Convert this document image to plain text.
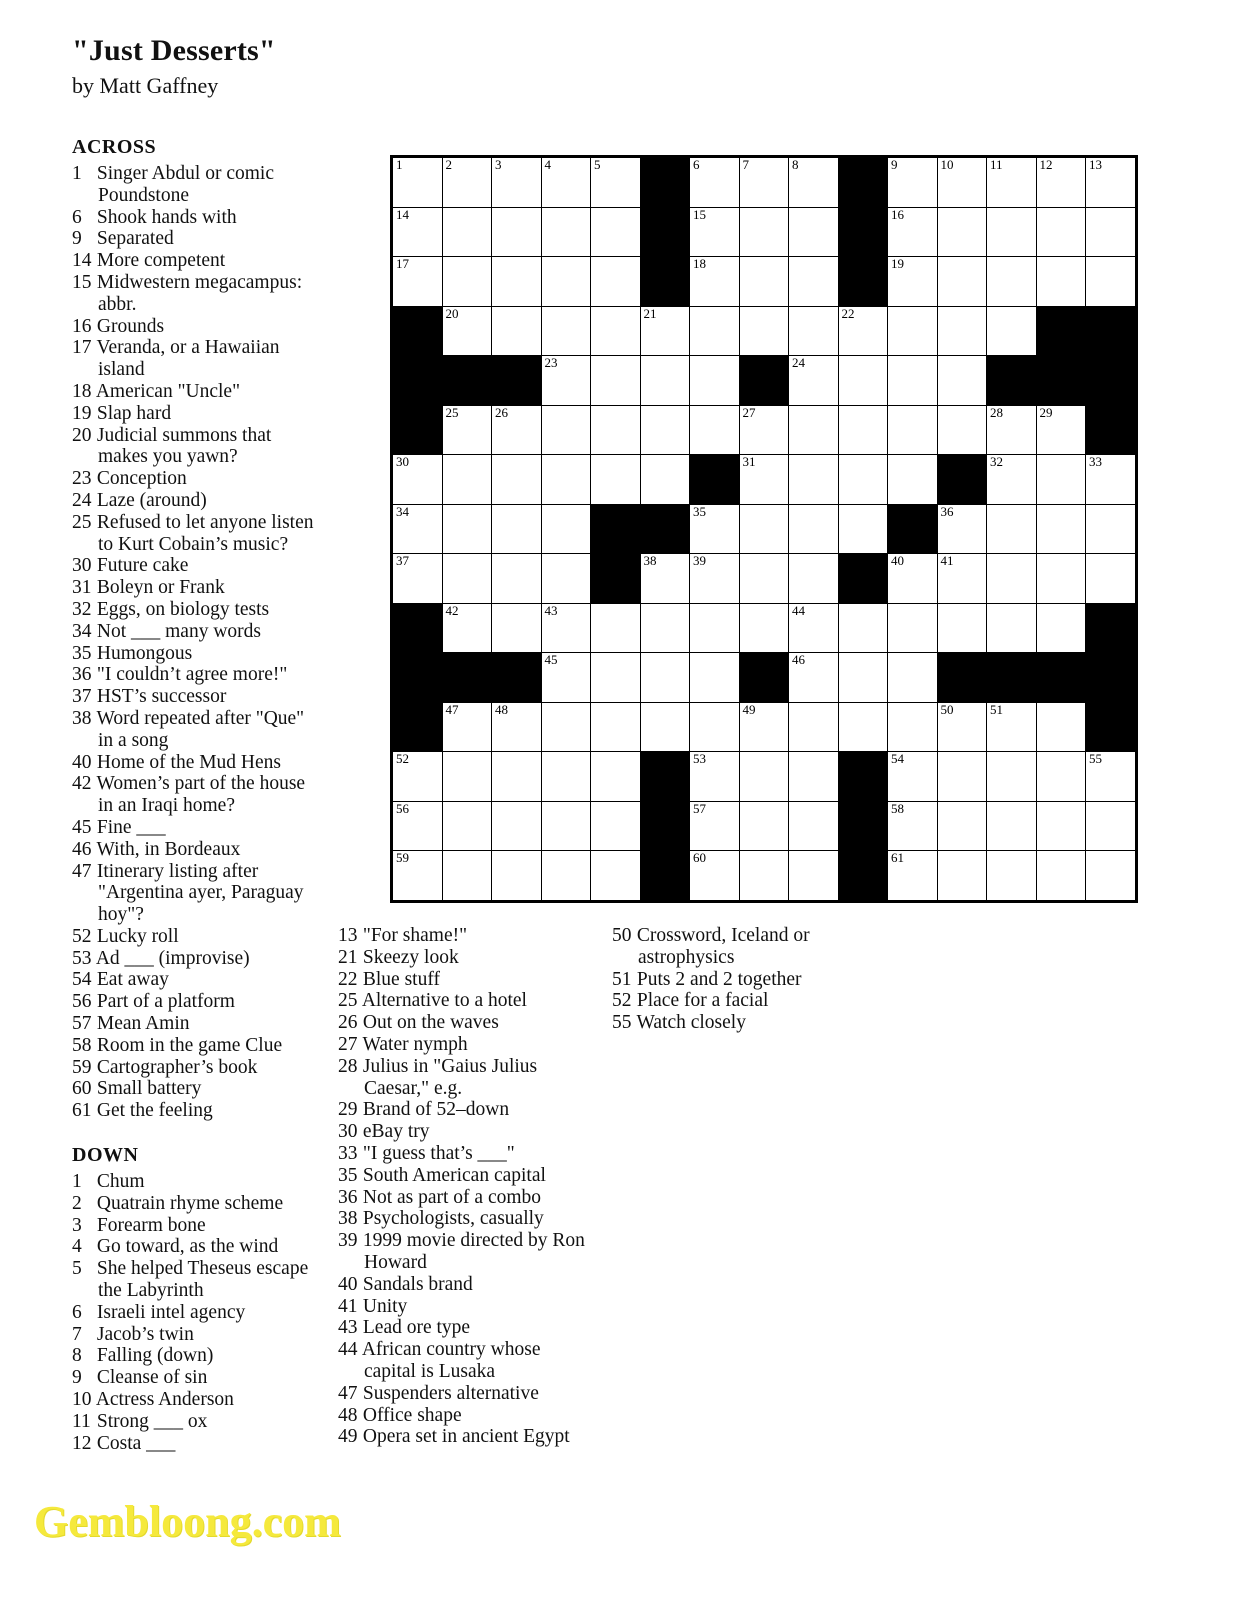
"Just Desserts"
by Matt Gaffney
ACROSS
1 Singer Abdul or comic Poundstone
6 Shook hands with
9 Separated
14 More competent
15 Midwestern megacampus: abbr.
16 Grounds
17 Veranda, or a Hawaiian island
18 American "Uncle"
19 Slap hard
20 Judicial summons that makes you yawn?
23 Conception
24 Laze (around)
25 Refused to let anyone listen to Kurt Cobain’s music?
30 Future cake
31 Boleyn or Frank
32 Eggs, on biology tests
34 Not ___ many words
35 Humongous
36 "I couldn’t agree more!"
37 HST’s successor
38 Word repeated after "Que" in a song
40 Home of the Mud Hens
42 Women’s part of the house in an Iraqi home?
45 Fine ___
46 With, in Bordeaux
47 Itinerary listing after "Argentina ayer, Paraguay hoy"?
52 Lucky roll
53 Ad ___ (improvise)
54 Eat away
56 Part of a platform
57 Mean Amin
58 Room in the game Clue
59 Cartographer’s book
60 Small battery
61 Get the feeling
DOWN
1 Chum
2 Quatrain rhyme scheme
3 Forearm bone
4 Go toward, as the wind
5 She helped Theseus escape the Labyrinth
6 Israeli intel agency
7 Jacob’s twin
8 Falling (down)
9 Cleanse of sin
10 Actress Anderson
11 Strong ___ ox
12 Costa ___
13 "For shame!"
21 Skeezy look
22 Blue stuff
25 Alternative to a hotel
26 Out on the waves
27 Water nymph
28 Julius in "Gaius Julius Caesar," e.g.
29 Brand of 52–down
30 eBay try
33 "I guess that’s ___"
35 South American capital
36 Not as part of a combo
38 Psychologists, casually
39 1999 movie directed by Ron Howard
40 Sandals brand
41 Unity
43 Lead ore type
44 African country whose capital is Lusaka
47 Suspenders alternative
48 Office shape
49 Opera set in ancient Egypt
50 Crossword, Iceland or astrophysics
51 Puts 2 and 2 together
52 Place for a facial
55 Watch closely
1	2	3	4	5		6	7	8		9	10	11	12	13

14						15				16				

17						18				19				

	20				21				22					

			23					24						

	25	26					27					28	29	

30							31					32		33

34						35					36			

37					38	39				40	41			

	42		43					44						

			45					46						

	47	48					49				50	51		

52						53				54				55

56						57				58				

59						60				61				

Gembloong.com
